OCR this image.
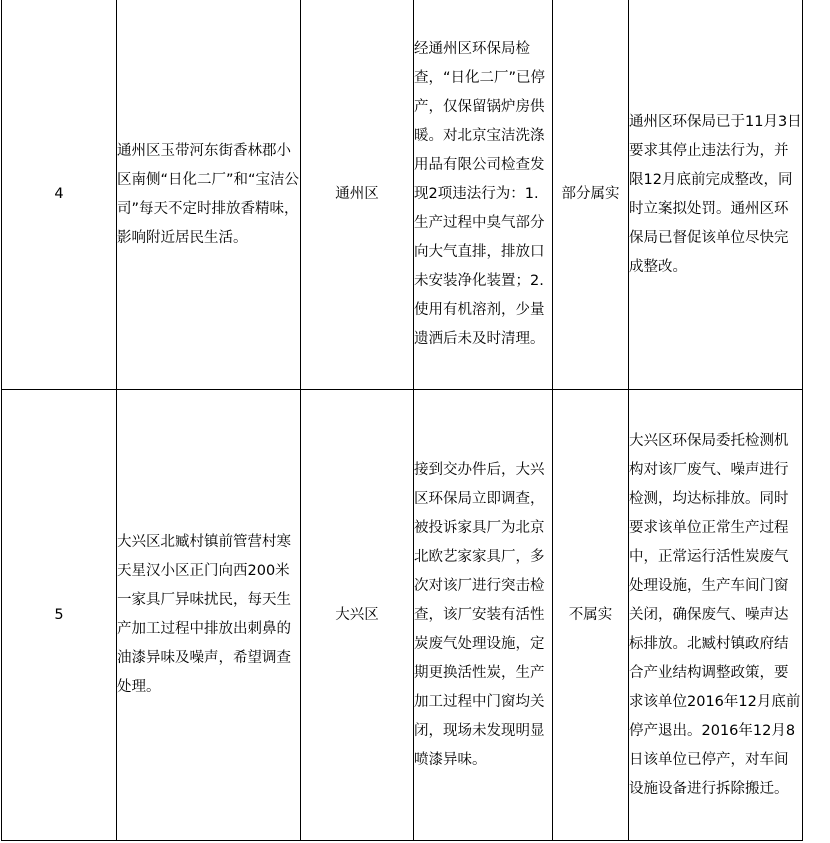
4	通州区玉带河东街香林郡小区南侧“日化二厂”和“宝洁公司”每天不定时排放香精味，影响附近居民生活。	通州区	经通州区环保局检查，“日化二厂”已停产，仅保留锅炉房供暖。对北京宝洁洗涤用品有限公司检查发现2项违法行为：1.生产过程中臭气部分向大气直排，排放口未安装净化装置；2.使用有机溶剂，少量遗洒后未及时清理。	部分属实	通州区环保局已于11月3日要求其停止违法行为，并限12月底前完成整改，同时立案拟处罚。通州区环保局已督促该单位尽快完成整改。

5	大兴区北臧村镇前管营村寒天星汉小区正门向西200米一家具厂异味扰民，每天生产加工过程中排放出刺鼻的油漆异味及噪声，希望调查处理。	大兴区	接到交办件后，大兴区环保局立即调查，被投诉家具厂为北京北欧艺家家具厂，多次对该厂进行突击检查，该厂安装有活性炭废气处理设施，定期更换活性炭，生产加工过程中门窗均关闭，现场未发现明显喷漆异味。	不属实	大兴区环保局委托检测机构对该厂废气、噪声进行检测，均达标排放。同时要求该单位正常生产过程中，正常运行活性炭废气处理设施，生产车间门窗关闭，确保废气、噪声达标排放。北臧村镇政府结合产业结构调整政策，要求该单位2016年12月底前停产退出。2016年12月8日该单位已停产，对车间设施设备进行拆除搬迁。
